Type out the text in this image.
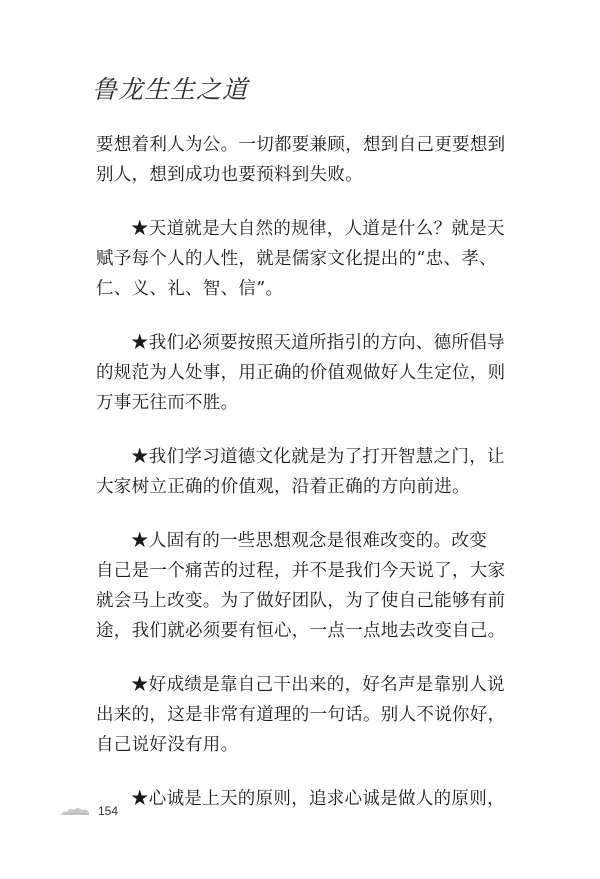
鲁龙生生之道
要想着利人为公。一切都要兼顾，想到自己更要想到
别人，想到成功也要预料到失败。
★天道就是大自然的规律，人道是什么？就是天
赋予每个人的人性，就是儒家文化提出的“忠、孝、
仁、义、礼、智、信”。
★我们必须要按照天道所指引的方向、德所倡导
的规范为人处事，用正确的价值观做好人生定位，则
万事无往而不胜。
★我们学习道德文化就是为了打开智慧之门，让
大家树立正确的价值观，沿着正确的方向前进。
★人固有的一些思想观念是很难改变的。改变
自己是一个痛苦的过程，并不是我们今天说了，大家
就会马上改变。为了做好团队，为了使自己能够有前
途，我们就必须要有恒心，一点一点地去改变自己。
★好成绩是靠自己干出来的，好名声是靠别人说
出来的，这是非常有道理的一句话。别人不说你好，
自己说好没有用。
★心诚是上天的原则，追求心诚是做人的原则，
154
